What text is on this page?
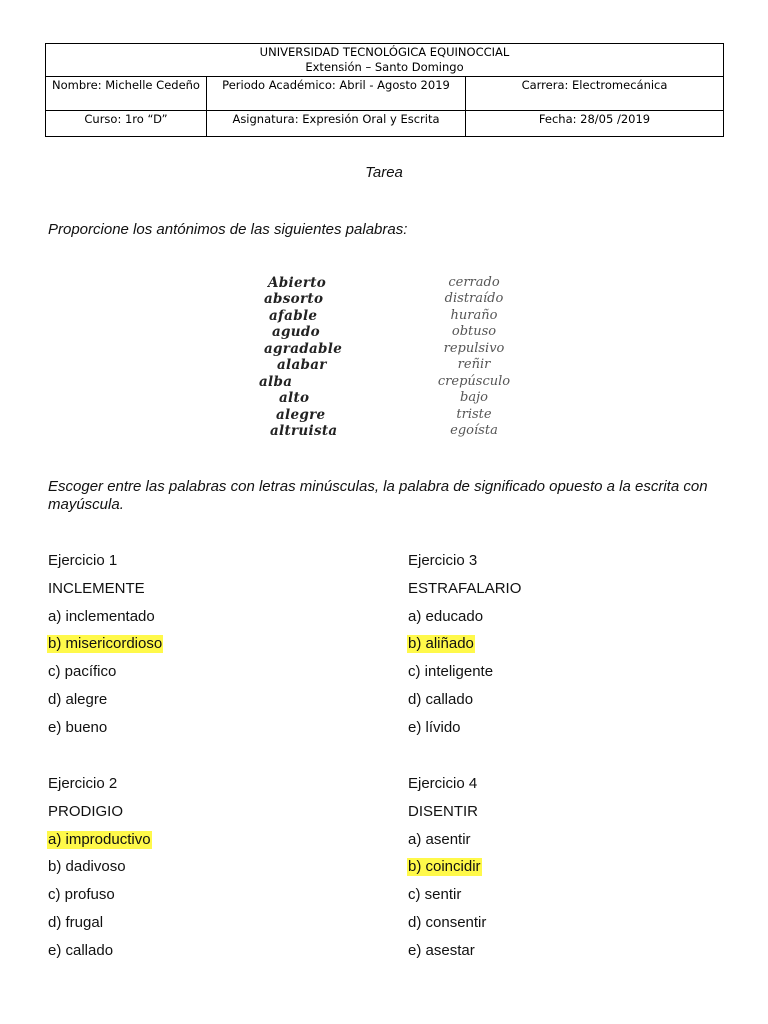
UNIVERSIDAD TECNOLÓGICA EQUINOCCIAL
Extensión – Santo Domingo		

Nombre: Michelle Cedeño	Periodo Académico: Abril - Agosto 2019	Carrera: Electromecánica
Curso: 1ro “D”	Asignatura: Expresión Oral y Escrita	Fecha: 28/05 /2019
Tarea
Proporcione los antónimos de las siguientes palabras:
Abierto	cerrado
absorto	distraído
afable	huraño
agudo	obtuso
agradable	repulsivo
alabar	reñir
alba	crepúsculo
alto	bajo
alegre	triste
altruista	egoísta
Escoger entre las palabras con letras minúsculas, la palabra de significado opuesto a la escrita con mayúscula.
Ejercicio 1
INCLEMENTE
a) inclementado
b) misericordioso
c) pacífico
d) alegre
e) bueno
Ejercicio 2
PRODIGIO
a) improductivo
b) dadivoso
c) profuso
d) frugal
e) callado
Ejercicio 3
ESTRAFALARIO
a) educado
b) aliñado
c) inteligente
d) callado
e) lívido
Ejercicio 4
DISENTIR
a) asentir
b) coincidir
c) sentir
d) consentir
e) asestar
